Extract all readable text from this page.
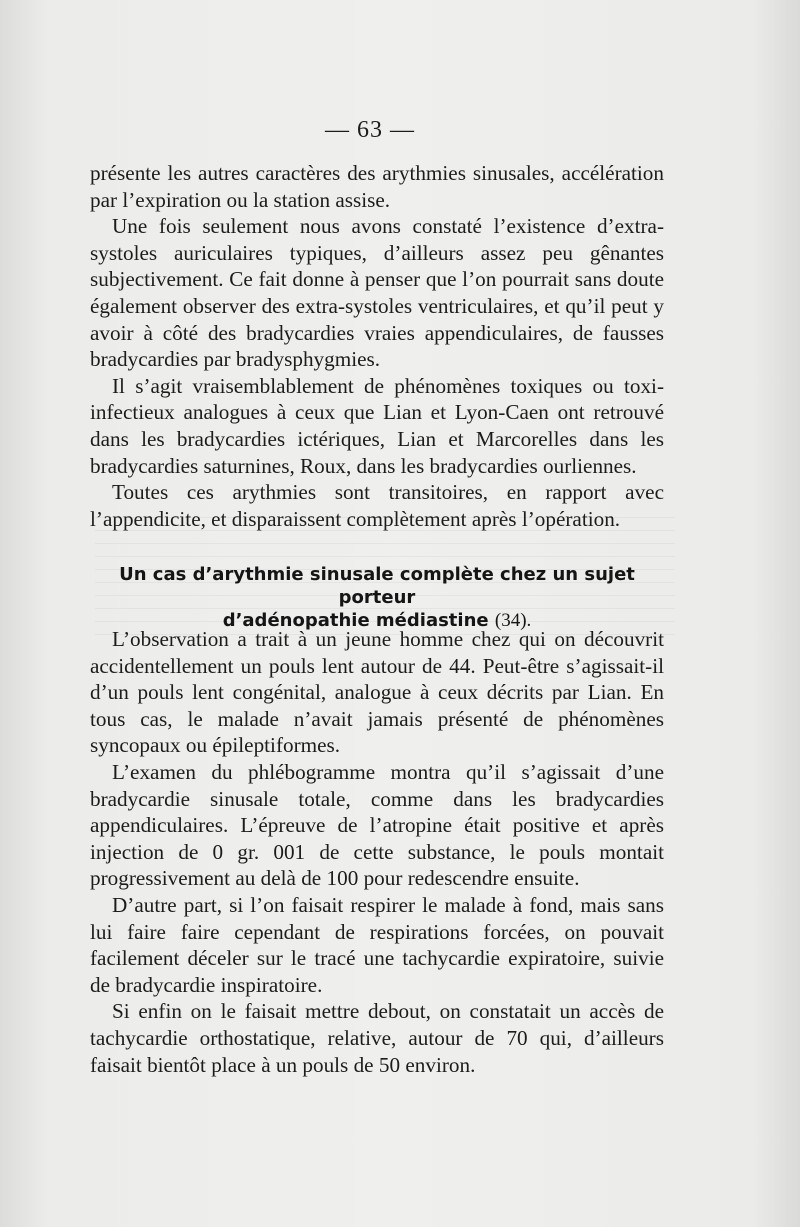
— 63 —

présente les autres caractères des arythmies sinusales, accélération par l’expiration ou la station assise.

Une fois seulement nous avons constaté l’existence d’extra-systoles auriculaires typiques, d’ailleurs assez peu gênantes subjectivement. Ce fait donne à penser que l’on pourrait sans doute également observer des extra-systoles ventriculaires, et qu’il peut y avoir à côté des bradycardies vraies appendiculaires, de fausses bradycardies par bradysphygmies.

Il s’agit vraisemblablement de phénomènes toxiques ou toxi-infectieux analogues à ceux que Lian et Lyon-Caen ont retrouvé dans les bradycardies ictériques, Lian et Marcorelles dans les bradycardies saturnines, Roux, dans les bradycardies ourliennes.

Toutes ces arythmies sont transitoires, en rapport avec l’appendicite, et disparaissent complètement après l’opération.

Un cas d’arythmie sinusale complète chez un sujet porteur
d’adénopathie médiastine (34).

L’observation a trait à un jeune homme chez qui on découvrit accidentellement un pouls lent autour de 44. Peut-être s’agissait-il d’un pouls lent congénital, analogue à ceux décrits par Lian. En tous cas, le malade n’avait jamais présenté de phénomènes syncopaux ou épileptiformes.

L’examen du phlébogramme montra qu’il s’agissait d’une bradycardie sinusale totale, comme dans les bradycardies appendiculaires. L’épreuve de l’atropine était positive et après injection de 0 gr. 001 de cette substance, le pouls montait progressivement au delà de 100 pour redescendre ensuite.

D’autre part, si l’on faisait respirer le malade à fond, mais sans lui faire faire cependant de respirations forcées, on pouvait facilement déceler sur le tracé une tachycardie expiratoire, suivie de bradycardie inspiratoire.

Si enfin on le faisait mettre debout, on constatait un accès de tachycardie orthostatique, relative, autour de 70 qui, d’ailleurs faisait bientôt place à un pouls de 50 environ.
